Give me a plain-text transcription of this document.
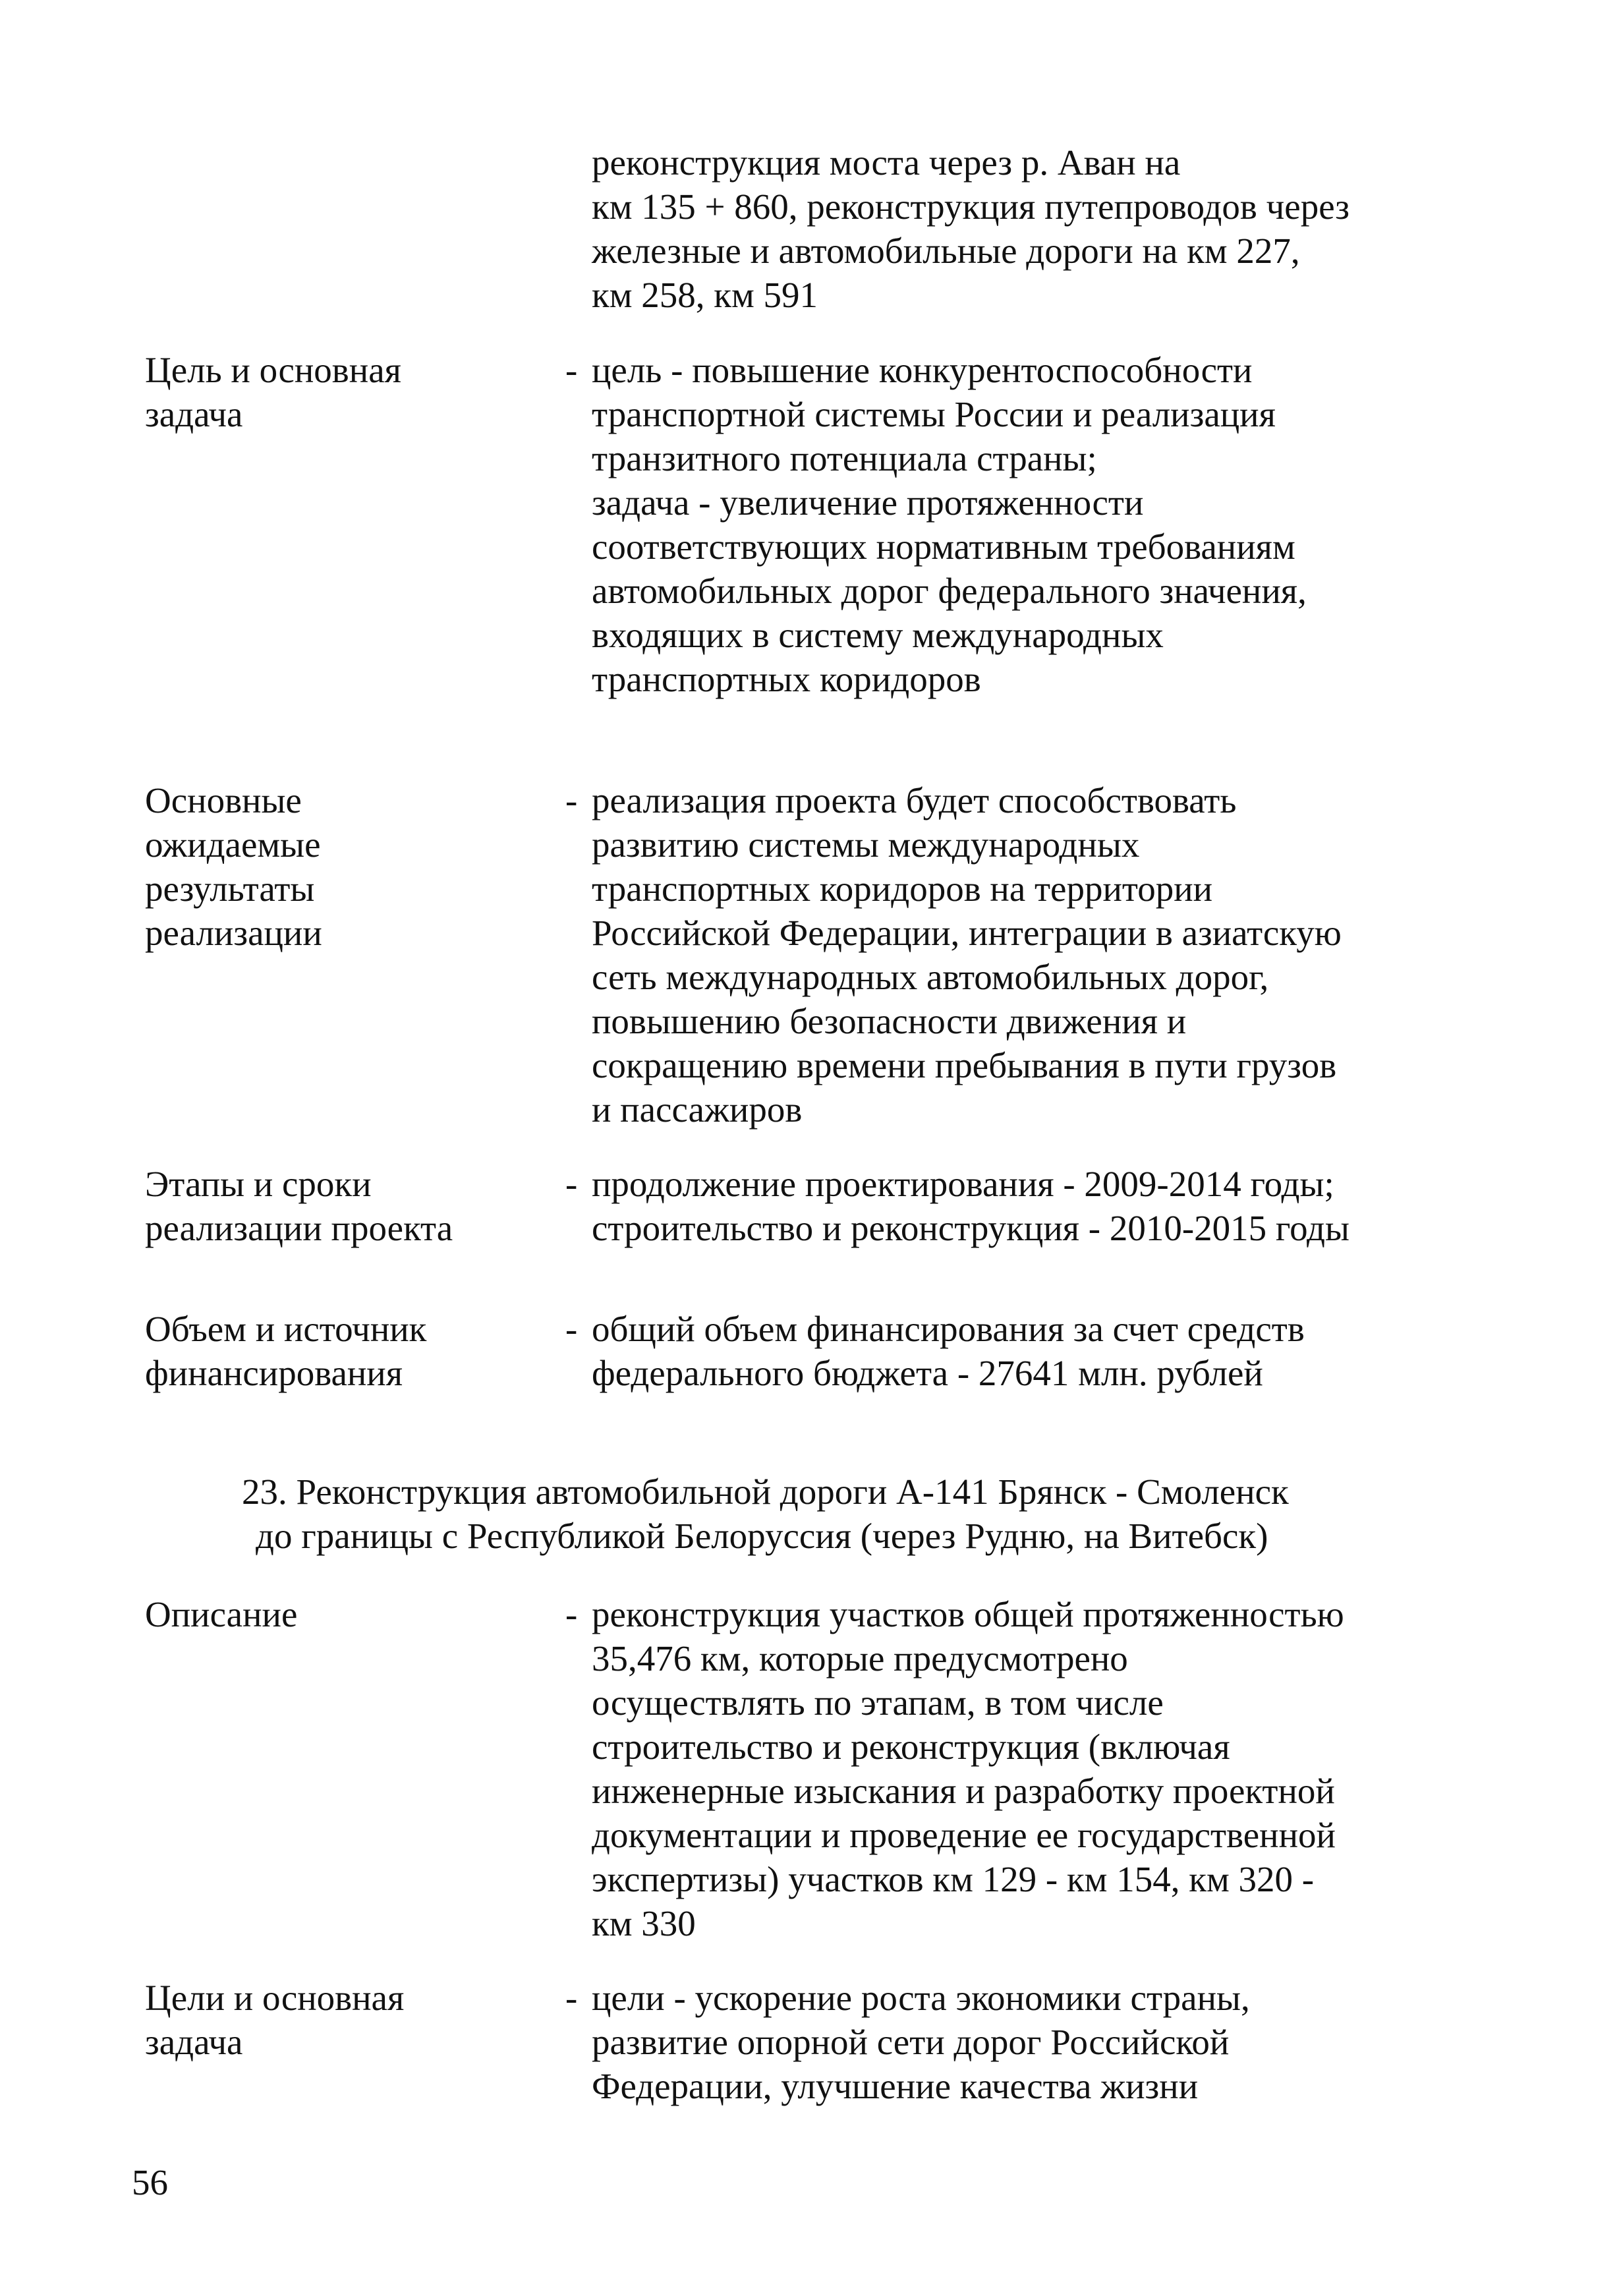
реконструкция моста через р. Аван на
км 135 + 860, реконструкция путепроводов через
железные и автомобильные дороги на км 227,
км 258, км 591
Цель и основная
задача
- цель - повышение конкурентоспособности
транспортной системы России и реализация
транзитного потенциала страны;
задача - увеличение протяженности
соответствующих нормативным требованиям
автомобильных дорог федерального значения,
входящих в систему международных
транспортных коридоров
Основные
ожидаемые
результаты
реализации
- реализация проекта будет способствовать
развитию системы международных
транспортных коридоров на территории
Российской Федерации, интеграции в азиатскую
сеть международных автомобильных дорог,
повышению безопасности движения и
сокращению времени пребывания в пути грузов
и пассажиров
Этапы и сроки
реализации проекта
- продолжение проектирования - 2009-2014 годы;
строительство и реконструкция - 2010-2015 годы
Объем и источник
финансирования
- общий объем финансирования за счет средств
федерального бюджета - 27641 млн. рублей
23. Реконструкция автомобильной дороги А-141 Брянск - Смоленск
до границы с Республикой Белоруссия (через Рудню, на Витебск)
Описание	- реконструкция участков общей протяженностью
35,476 км, которые предусмотрено
осуществлять по этапам, в том числе
строительство и реконструкция (включая
инженерные изыскания и разработку проектной
документации и проведение ее государственной
экспертизы) участков км 129 - км 154, км 320 -
км 330
Цели и основная
задача
- цели - ускорение роста экономики страны,
развитие опорной сети дорог Российской
Федерации, улучшение качества жизни
56
